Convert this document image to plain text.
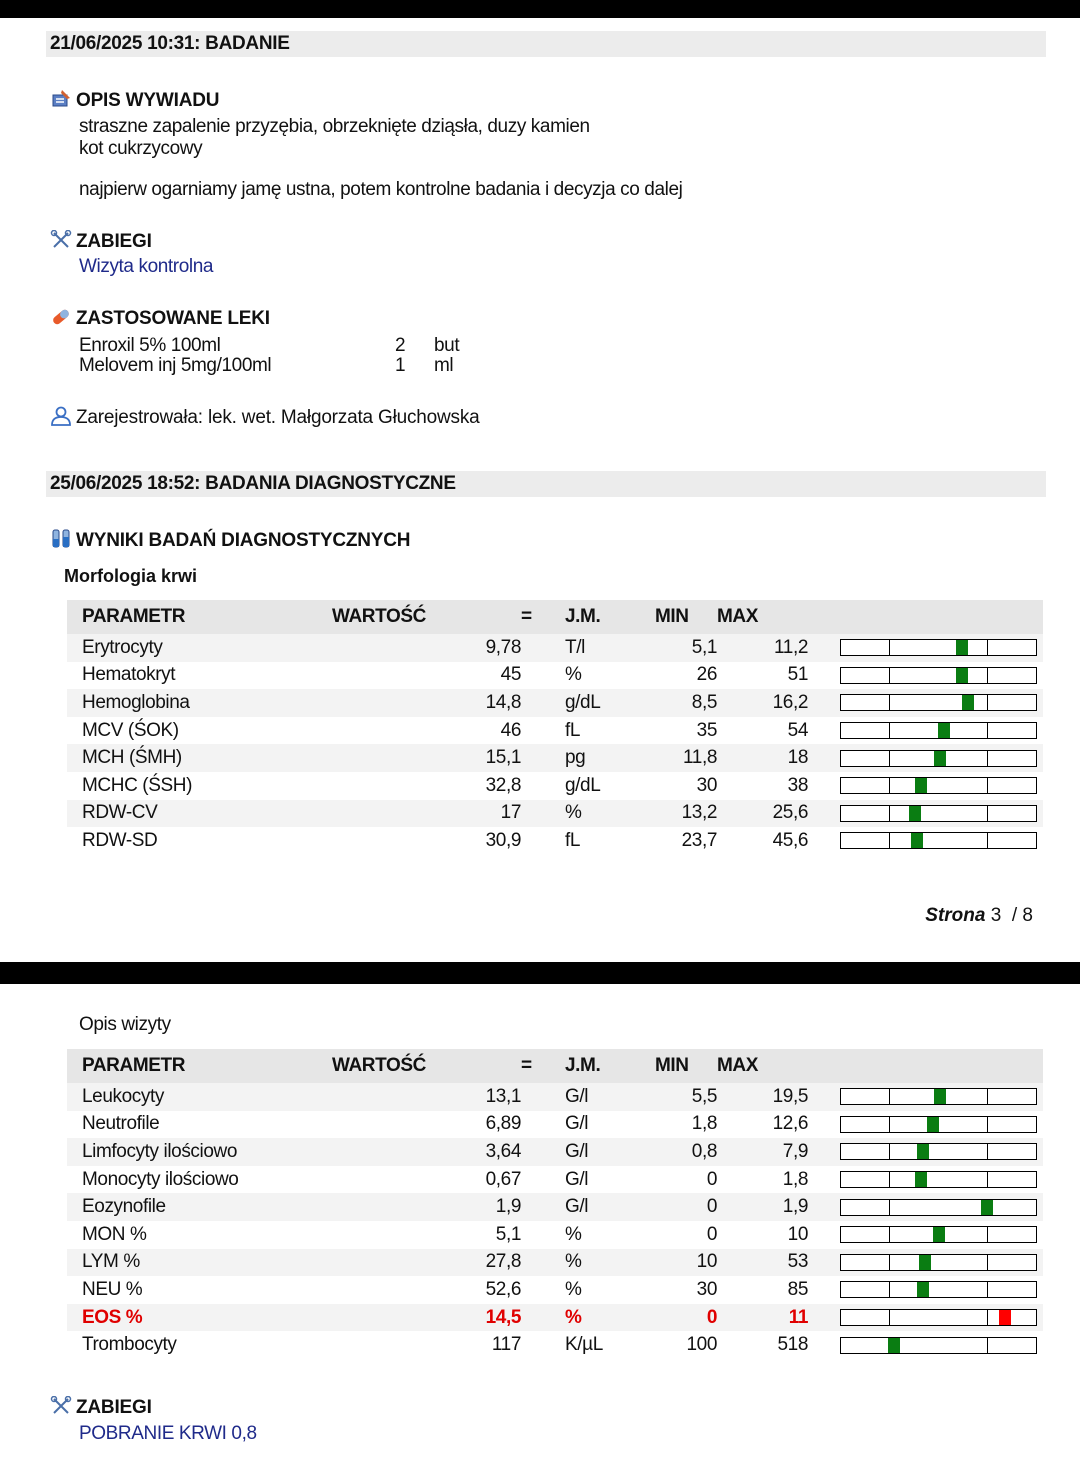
21/06/2025 10:31: BADANIE
OPIS WYWIADU
straszne zapalenie przyzębia, obrzeknięte dziąsła, duzy kamien
kot cukrzycowy
najpierw ogarniamy jamę ustna, potem kontrolne badania i decyzja co dalej
ZABIEGI
Wizyta kontrolna
ZASTOSOWANE LEKI
Enroxil 5% 100ml	2 but
Melovem inj 5mg/100ml	1 ml
Zarejestrowała: lek. wet. Małgorzata Głuchowska
25/06/2025 18:52: BADANIA DIAGNOSTYCZNE
WYNIKI BADAŃ DIAGNOSTYCZNYCH
Morfologia krwi
PARAMETR	WARTOŚĆ	=	J.M.	MIN	MAX	
Erytrocyty	9,78		T/l	5,1	11,2	

Hematokryt	45		%	26	51	

Hemoglobina	14,8		g/dL	8,5	16,2	

MCV (ŚOK)	46		fL	35	54	

MCH (ŚMH)	15,1		pg	11,8	18	

MCHC (ŚSH)	32,8		g/dL	30	38	

RDW-CV	17		%	13,2	25,6	

RDW-SD	30,9		fL	23,7	45,6	
Strona 3 / 8
Opis wizyty
PARAMETR	WARTOŚĆ	=	J.M.	MIN	MAX	
Leukocyty	13,1		G/l	5,5	19,5	

Neutrofile	6,89		G/l	1,8	12,6	

Limfocyty ilościowo	3,64		G/l	0,8	7,9	

Monocyty ilościowo	0,67		G/l	0	1,8	

Eozynofile	1,9		G/l	0	1,9	

MON %	5,1		%	0	10	

LYM %	27,8		%	10	53	

NEU %	52,6		%	30	85	

EOS %	14,5		%	0	11	

Trombocyty	117		K/µL	100	518	
ZABIEGI
POBRANIE KRWI 0,8
